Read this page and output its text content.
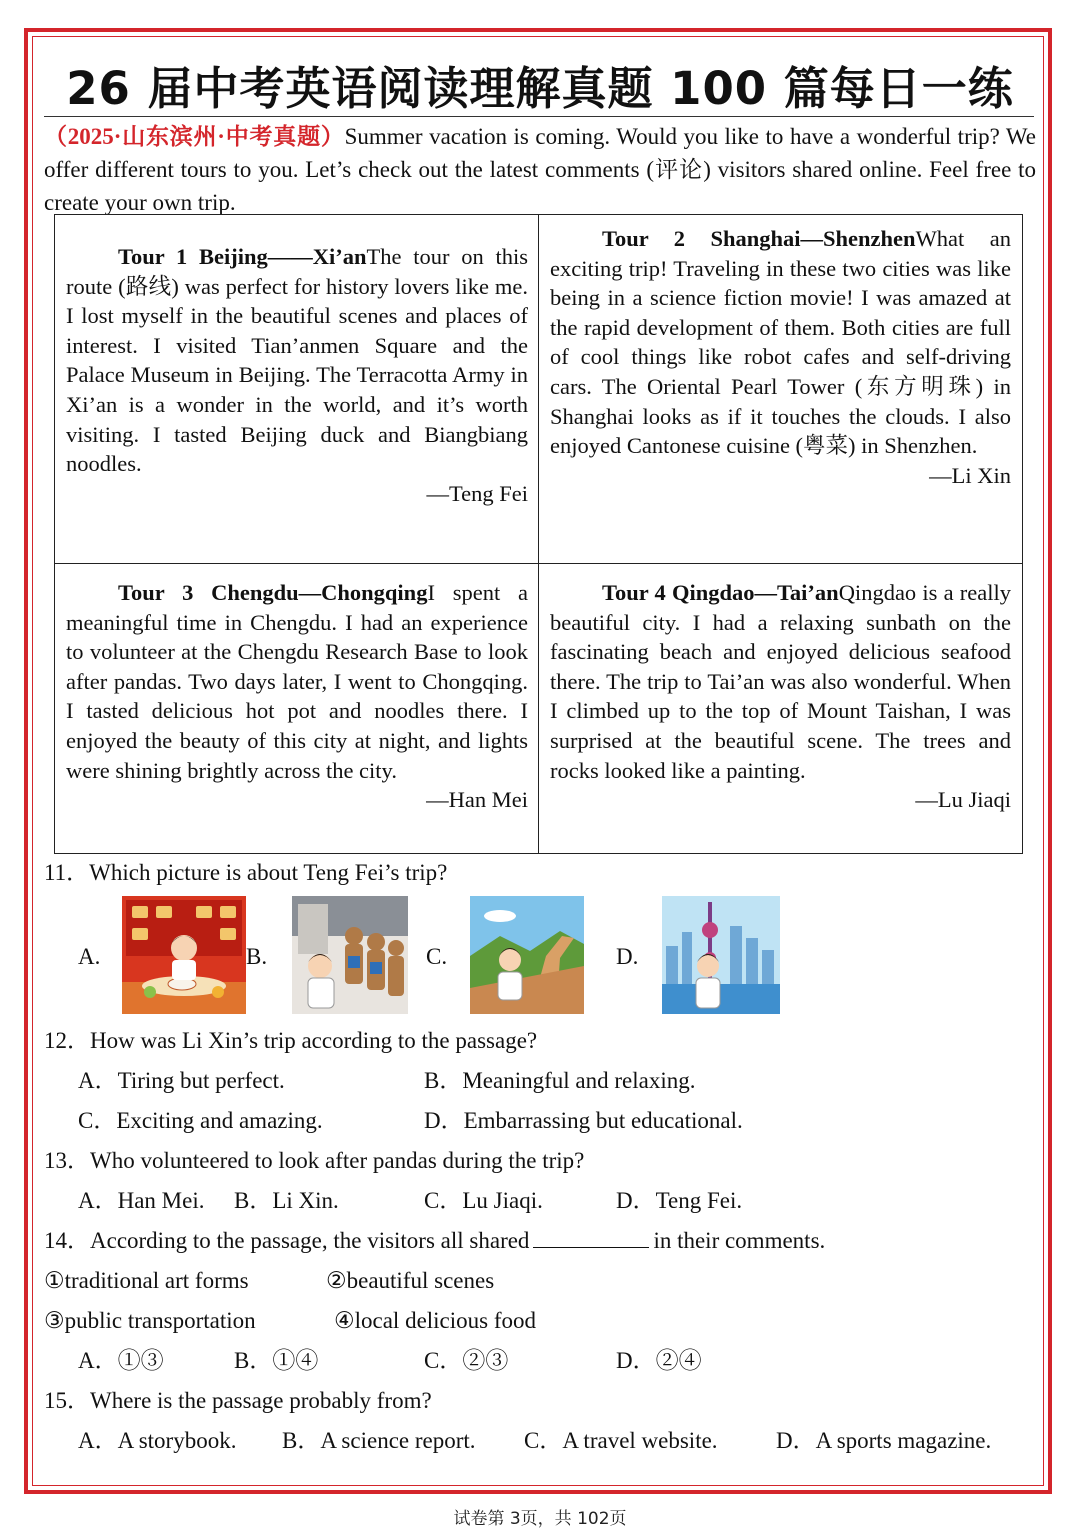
26 届中考英语阅读理解真题 100 篇每日一练
（2025·山东滨州·中考真题）Summer vacation is coming. Would you like to have a wonderful trip? We offer different tours to you. Let’s check out the latest comments (评论) visitors shared online. Feel free to create your own trip.
Tour 1 Beijing——Xi’anThe tour on this route (路线) was perfect for history lovers like me. I lost myself in the beautiful scenes and places of interest. I visited Tian’anmen Square and the Palace Museum in Beijing. The Terracotta Army in Xi’an is a wonder in the world, and it’s worth visiting. I tasted Beijing duck and Biangbiang noodles.
—Teng Fei
Tour 2 Shanghai—ShenzhenWhat an exciting trip! Traveling in these two cities was like being in a science fiction movie! I was amazed at the rapid development of them. Both cities are full of cool things like robot cafes and self-driving cars. The Oriental Pearl Tower (东方明珠) in Shanghai looks as if it touches the clouds. I also enjoyed Cantonese cuisine (粤菜) in Shenzhen.
—Li Xin
Tour 3 Chengdu—ChongqingI spent a meaningful time in Chengdu. I had an experience to volunteer at the Chengdu Research Base to look after pandas. Two days later, I went to Chongqing. I tasted delicious hot pot and noodles there. I enjoyed the beauty of this city at night, and lights were shining brightly across the city.
—Han Mei
Tour 4 Qingdao—Tai’anQingdao is a really beautiful city. I had a relaxing sunbath on the fascinating beach and enjoyed delicious seafood there. The trip to Tai’an was also wonderful. When I climbed up to the top of Mount Taishan, I was surprised at the beautiful scene. The trees and rocks looked like a painting.
—Lu Jiaqi
11．Which picture is about Teng Fei’s trip?
A.	B.	C.	D.
12．How was Li Xin’s trip according to the passage?
A．Tiring but perfect.	B．Meaningful and relaxing.
C．Exciting and amazing.	D．Embarrassing but educational.
13．Who volunteered to look after pandas during the trip?
A．Han Mei. B．Li Xin.	C．Lu Jiaqi.	D．Teng Fei.
14．According to the passage, the visitors all shared	in their comments.
①traditional art forms	②beautiful scenes
③public transportation	④local delicious food
A．①③	B．①④	C．②③	D．②④
15．Where is the passage probably from?
A．A storybook. B．A science report. C．A travel website.	D．A sports magazine.
试卷第 3页，共 102页
